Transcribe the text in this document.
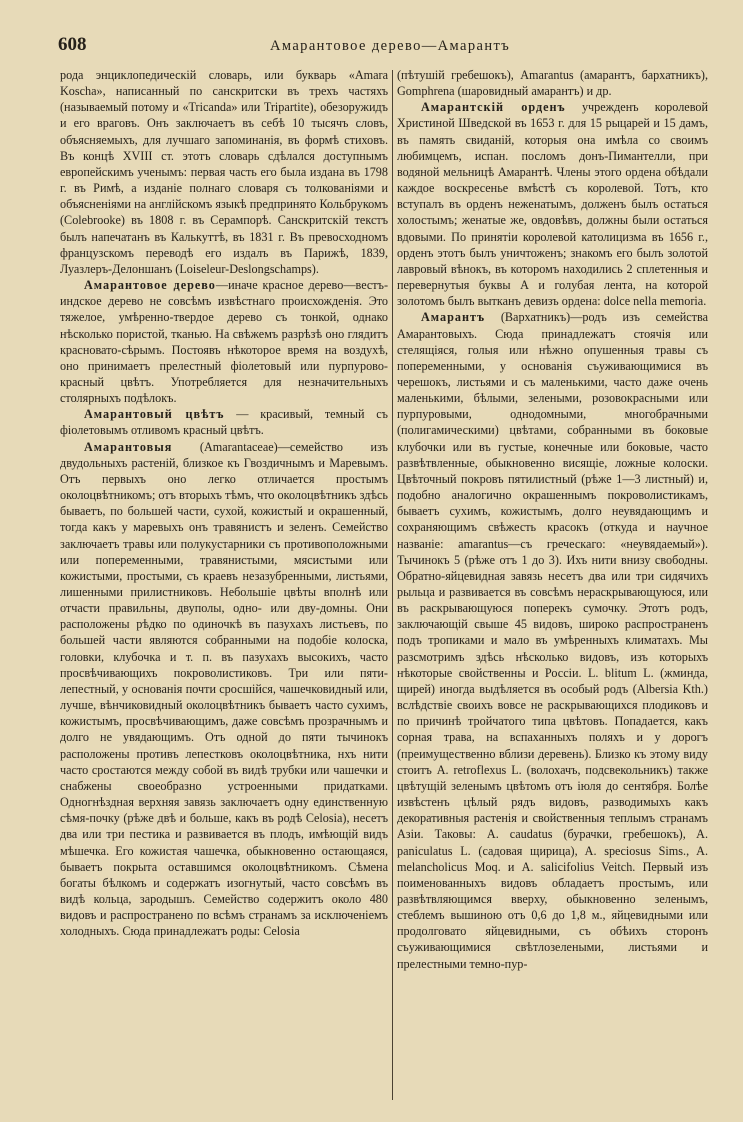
608	Амарантовое дерево—Амарантъ

рода энциклопедическій словарь, или букварь «Amara Koscha», написанный по санскритски въ трехъ частяхъ (называемый потому и «Tricanda» или Tripartite), обезоружидъ и его враговъ. Онъ заключаетъ въ себѣ 10 тысячъ словъ, объясняемыхъ, для лучшаго запоминанія, въ формѣ стиховъ. Въ концѣ XVIII ст. этотъ словарь сдѣлался доступнымъ европейскимъ ученымъ: первая часть его была издана въ 1798 г. въ Римѣ, а изданіе полнаго словаря съ толкованіями и объясненіями на англійскомъ языкѣ предпринято Кольбрукомъ (Colebrooke) въ 1808 г. въ Серампорѣ. Санскритскій текстъ былъ напечатанъ въ Калькуттѣ, въ 1831 г. Въ превосходномъ французскомъ переводѣ его издалъ въ Парижѣ, 1839, Луазлеръ-Делоншанъ (Loiseleur-Deslongschamps).

Амарантовое дерево—иначе красное дерево—вестъ-индское дерево не совсѣмъ извѣстнаго происхожденія. Это тяжелое, умѣренно-твердое дерево съ тонкой, однако нѣсколько пористой, тканью. На свѣжемъ разрѣзѣ оно глядитъ красновато-сѣрымъ. Постоявъ нѣкоторое время на воздухѣ, оно принимаетъ прелестный фіолетовый или пурпурово-красный цвѣтъ. Употребляется для незначительныхъ столярныхъ подѣлокъ.

Амарантовый цвѣтъ — красивый, темный съ фіолетовымъ отливомъ красный цвѣтъ.

Амарантовыя (Amarantaceae)—семейство изъ двудольныхъ растеній, близкое къ Гвоздичнымъ и Маревымъ. Отъ первыхъ оно легко отличается простымъ околоцвѣтникомъ; отъ вторыхъ тѣмъ, что околоцвѣтникъ здѣсь бываетъ, по большей части, сухой, кожистый и окрашенный, тогда какъ у маревыхъ онъ травянистъ и зеленъ. Семейство заключаетъ травы или полукустарники съ противоположными или попеременными, травянистыми, мясистыми или кожистыми, простыми, съ краевъ незазубренными, листьями, лишенными прилистниковъ. Небольшіе цвѣты вполнѣ или отчасти правильны, двуполы, одно- или дву-домны. Они расположены рѣдко по одиночкѣ въ пазухахъ листьевъ, по большей части являются собранными на подобіе колоска, головки, клубочка и т. п. въ пазухахъ высокихъ, часто просвѣчивающихъ покроволистиковъ. Три или пяти-лепестный, у основанія почти сросшійся, чашечковидный или, лучше, вѣнчиковидный околоцвѣтникъ бываетъ часто сухимъ, кожистымъ, просвѣчивающимъ, даже совсѣмъ прозрачнымъ и долго не увядающимъ. Отъ одной до пяти тычинокъ расположены противъ лепестковъ околоцвѣтника, нхъ нити часто сростаются между собой въ видѣ трубки или чашечки и снабжены своеобразно устроенными придатками. Одногнѣздная верхняя завязь заключаетъ одну единственную сѣмя-почку (рѣже двѣ и больше, какъ въ родѣ Celosia), несетъ два или три пестика и развивается въ плодъ, имѣющій видъ мѣшечка. Его кожистая чашечка, обыкновенно остающаяся, бываетъ покрыта оставшимся околоцвѣтникомъ. Сѣмена богаты бѣлкомъ и содержатъ изогнутый, часто совсѣмъ въ видѣ кольца, зародышъ. Семейство содержитъ около 480 видовъ и распространено по всѣмъ странамъ за исключеніемъ холодныхъ. Сюда принадлежатъ роды: Celosia

(пѣтушій гребешокъ), Amarantus (амарантъ, бархатникъ), Gomphrena (шаровидный амарантъ) и др.

Амарантскій орденъ учрежденъ королевой Христиной Шведской въ 1653 г. для 15 рыцарей и 15 дамъ, въ память свиданій, которыя она имѣла со своимъ любимцемъ, испан. посломъ донъ-Пимантелли, при водяной мельницѣ Амарантѣ. Члены этого ордена обѣдали каждое воскресенье вмѣстѣ съ королевой. Тотъ, кто вступалъ въ орденъ неженатымъ, долженъ былъ остаться холостымъ; женатые же, овдовѣвъ, должны были остаться вдовыми. По принятіи королевой католицизма въ 1656 г., орденъ этотъ былъ уничтоженъ; знакомъ его былъ золотой лавровый вѣнокъ, въ которомъ находились 2 сплетенныя и перевернутыя буквы А и голубая лента, на которой золотомъ былъ вытканъ девизъ ордена: dolce nella memoria.

Амарантъ (Вархатникъ)—родъ изъ семейства Амарантовыхъ. Сюда принадлежатъ стоячія или стелящіяся, голыя или нѣжно опушенныя травы съ попеременными, у основанія съуживающимися въ черешокъ, листьями и съ маленькими, часто даже очень маленькими, бѣлыми, зелеными, розовокрасными или пурпуровыми, однодомными, многобрачными (полигамическими) цвѣтами, собранными въ боковые клубочки или въ густые, конечные или боковые, часто развѣтвленные, обыкновенно висящіе, ложные колоски. Цвѣточный покровъ пятилистный (рѣже 1—3 листный) и, подобно аналогично окрашеннымъ покроволистикамъ, бываетъ сухимъ, кожистымъ, долго неувядающимъ и сохраняющимъ свѣжесть красокъ (откуда и научное названіе: amarantus—съ греческаго: «неувядаемый»). Тычинокъ 5 (рѣже отъ 1 до 3). Ихъ нити внизу свободны. Обратно-яйцевидная завязь несетъ два или три сидячихъ рыльца и развивается въ совсѣмъ нераскрывающуюся, или въ раскрывающуюся поперекъ сумочку. Этотъ родъ, заключающій свыше 45 видовъ, широко распространенъ подъ тропиками и мало въ умѣренныхъ климатахъ. Мы разсмотримъ здѣсь нѣсколько видовъ, изъ которыхъ нѣкоторые свойственны и Россіи. L. blitum L. (жминда, щирей) иногда выдѣляется въ особый родъ (Albersia Kth.) вслѣдствіе своихъ вовсе не раскрывающихся плодиковъ и по причинѣ тройчатого типа цвѣтовъ. Попадается, какъ сорная трава, на вспаханныхъ поляхъ и у дорогъ (преимущественно вблизи деревень). Близко къ этому виду стоитъ A. retroflexus L. (волохачъ, подсвекольникъ) также цвѣтущій зеленымъ цвѣтомъ отъ іюля до сентября. Болѣе извѣстенъ цѣлый рядъ видовъ, разводимыхъ какъ декоративныя растенія и свойственныя теплымъ странамъ Азіи. Таковы: A. caudatus (бурачки, гребешокъ), A. paniculatus L. (садовая щирица), A. speciosus Sims., A. melancholicus Moq. и A. salicifolius Veitch. Первый изъ поименованныхъ видовъ обладаетъ простымъ, или развѣтвляющимся вверху, обыкновенно зеленымъ, стеблемъ вышиною отъ 0,6 до 1,8 м., яйцевидными или продолговато яйцевидными, съ обѣихъ сторонъ съуживающимися свѣтлозелеными, листьями и прелестными темно-пур-
